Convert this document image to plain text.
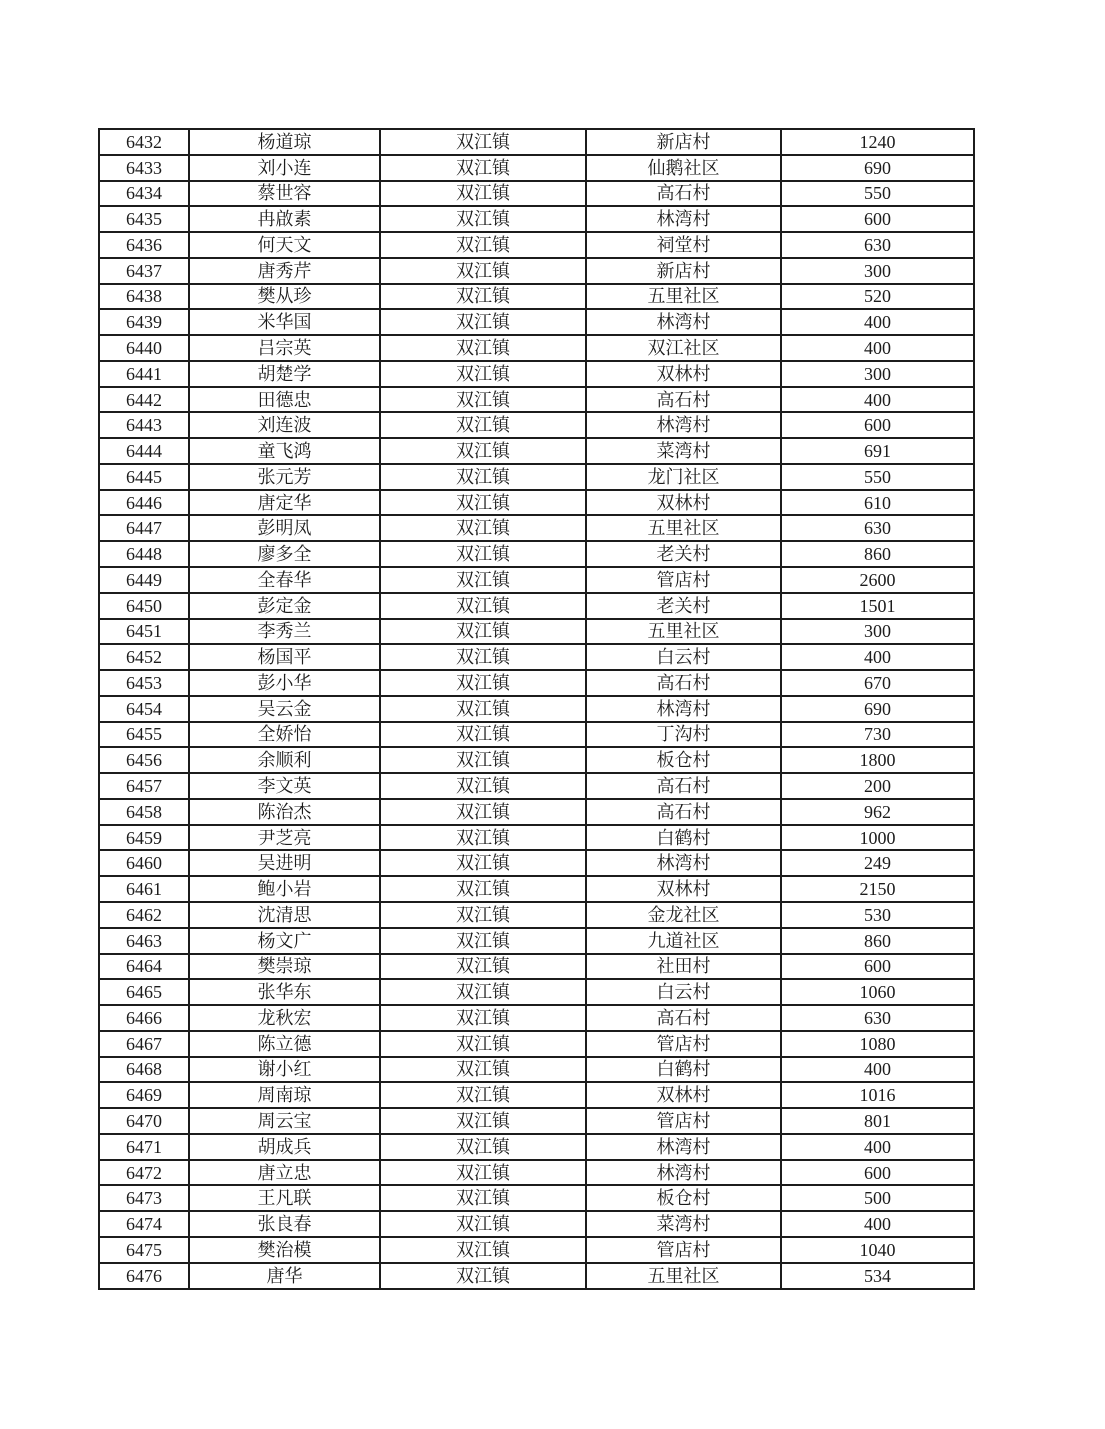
6432	杨道琼	双江镇	新店村	1240
6433	刘小连	双江镇	仙鹅社区	690
6434	蔡世容	双江镇	高石村	550
6435	冉啟素	双江镇	林湾村	600
6436	何天文	双江镇	祠堂村	630
6437	唐秀芹	双江镇	新店村	300
6438	樊从珍	双江镇	五里社区	520
6439	米华国	双江镇	林湾村	400
6440	吕宗英	双江镇	双江社区	400
6441	胡楚学	双江镇	双林村	300
6442	田德忠	双江镇	高石村	400
6443	刘连波	双江镇	林湾村	600
6444	童飞鸿	双江镇	菜湾村	691
6445	张元芳	双江镇	龙门社区	550
6446	唐定华	双江镇	双林村	610
6447	彭明凤	双江镇	五里社区	630
6448	廖多全	双江镇	老关村	860
6449	全春华	双江镇	管店村	2600
6450	彭定金	双江镇	老关村	1501
6451	李秀兰	双江镇	五里社区	300
6452	杨国平	双江镇	白云村	400
6453	彭小华	双江镇	高石村	670
6454	吴云金	双江镇	林湾村	690
6455	全娇怡	双江镇	丁沟村	730
6456	余顺利	双江镇	板仓村	1800
6457	李文英	双江镇	高石村	200
6458	陈治杰	双江镇	高石村	962
6459	尹芝亮	双江镇	白鹤村	1000
6460	吴进明	双江镇	林湾村	249
6461	鲍小岩	双江镇	双林村	2150
6462	沈清思	双江镇	金龙社区	530
6463	杨文广	双江镇	九道社区	860
6464	樊崇琼	双江镇	社田村	600
6465	张华东	双江镇	白云村	1060
6466	龙秋宏	双江镇	高石村	630
6467	陈立德	双江镇	管店村	1080
6468	谢小红	双江镇	白鹤村	400
6469	周南琼	双江镇	双林村	1016
6470	周云宝	双江镇	管店村	801
6471	胡成兵	双江镇	林湾村	400
6472	唐立忠	双江镇	林湾村	600
6473	王凡联	双江镇	板仓村	500
6474	张良春	双江镇	菜湾村	400
6475	樊治模	双江镇	管店村	1040
6476	唐华	双江镇	五里社区	534
